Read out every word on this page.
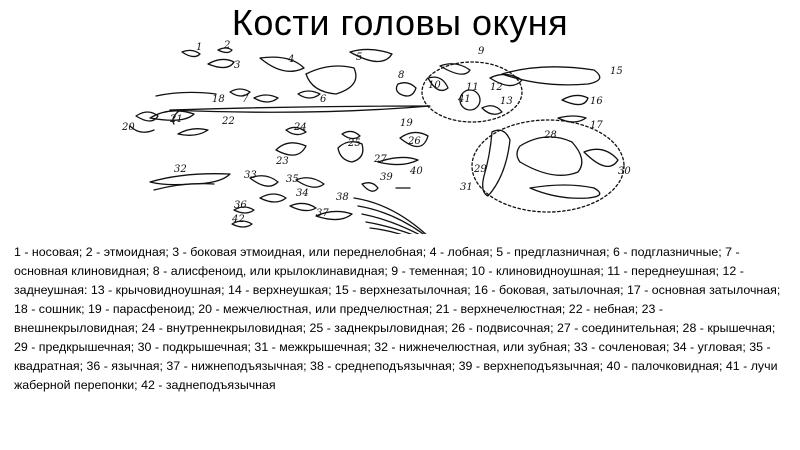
Кости головы окуня
1 2
3
4	5
6
7
8
9
10	11 12
13
15
16
17
18
19
20
21	22
23
24
25	26
27
28
29	30
31
32
33
34
35
36
37
38
39
40
41
42
1 - носовая; 2 - этмоидная; 3 - боковая этмоидная, или переднелобная; 4 - лобная; 5 - предглазничная; 6 - подглазничные; 7 - основная клиновидная; 8 - алисфеноид, или крылоклинавидная; 9 - теменная; 10 - клиновидноушная; 11 - переднеушная; 12 - заднеушная: 13 - крычовидноушная; 14 - верхнеушкая; 15 - верхнезатылочная; 16 - боковая, затылочная; 17 - основная затылочная; 18 - сошник; 19 - парасфеноид; 20 - межчелюстная, или предчелюстная; 21 - верхнечелюстная; 22 - небная; 23 - внешнекрыловидная; 24 - внутреннекрыловидная; 25 - заднекрыловидная; 26 - подвисочная; 27 - соединительная; 28 - крышечная; 29 - предкрышечная; 30 - подкрышечная; 31 - межкрышечная; 32 - нижнечелюстная, или зубная; 33 - сочленовая; 34 - угловая; 35 - квадратная; 36 - язычная; 37 - нижнеподъязычная; 38 - среднеподъязычная; 39 - верхнеподъязычная; 40 - палочковидная; 41 - лучи жаберной перепонки; 42 - заднеподъязычная
